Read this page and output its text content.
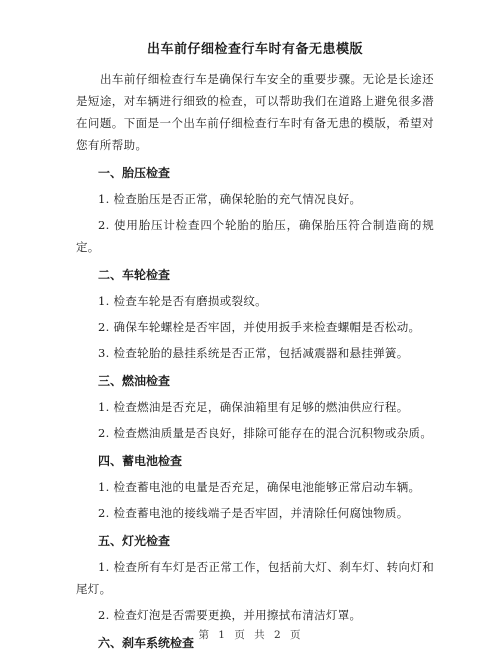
出车前仔细检查行车时有备无患模版

出车前仔细检查行车是确保行车安全的重要步骤。无论是长途还是短途，对车辆进行细致的检查，可以帮助我们在道路上避免很多潜在问题。下面是一个出车前仔细检查行车时有备无患的模版，希望对您有所帮助。

一、胎压检查

1. 检查胎压是否正常，确保轮胎的充气情况良好。

2. 使用胎压计检查四个轮胎的胎压，确保胎压符合制造商的规定。

二、车轮检查

1. 检查车轮是否有磨损或裂纹。

2. 确保车轮螺栓是否牢固，并使用扳手来检查螺帽是否松动。

3. 检查轮胎的悬挂系统是否正常，包括减震器和悬挂弹簧。

三、燃油检查

1. 检查燃油是否充足，确保油箱里有足够的燃油供应行程。

2. 检查燃油质量是否良好，排除可能存在的混合沉积物或杂质。

四、蓄电池检查

1. 检查蓄电池的电量是否充足，确保电池能够正常启动车辆。

2. 检查蓄电池的接线端子是否牢固，并清除任何腐蚀物质。

五、灯光检查

1. 检查所有车灯是否正常工作，包括前大灯、刹车灯、转向灯和尾灯。

2. 检查灯泡是否需要更换，并用擦拭布清洁灯罩。

六、刹车系统检查
第 1 页 共 2 页
